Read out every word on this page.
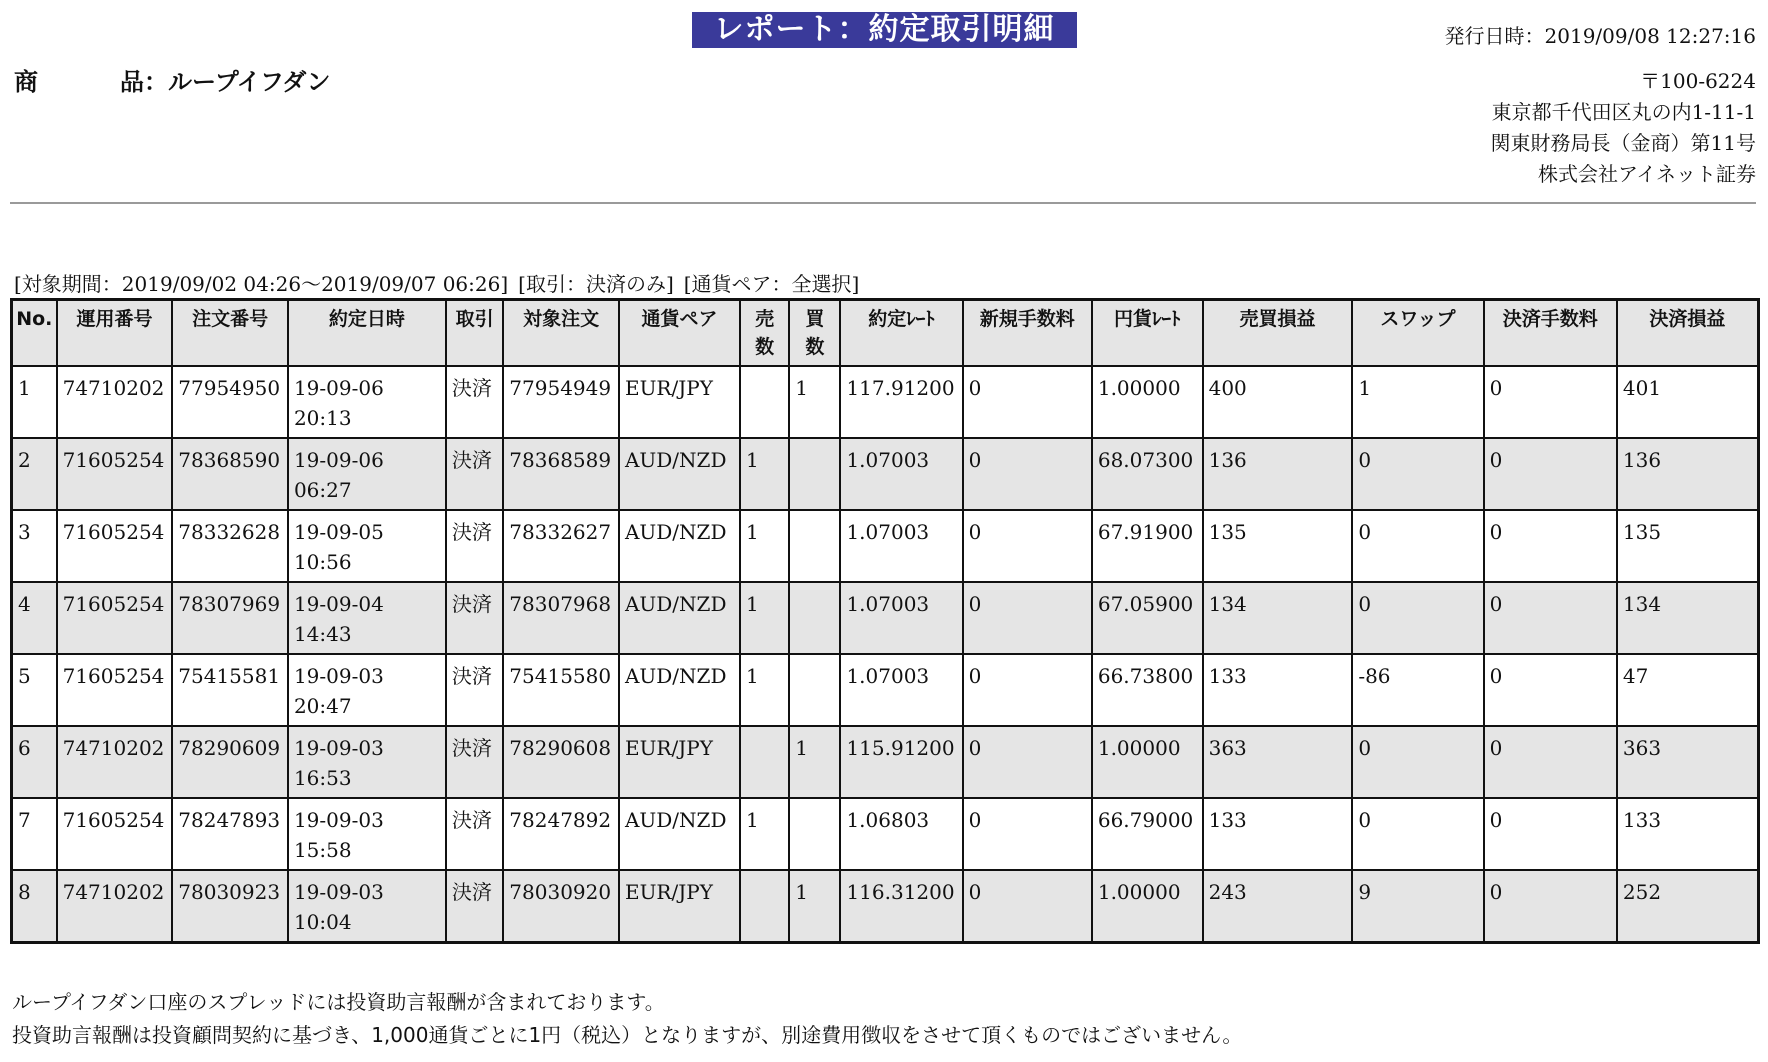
レポート：約定取引明細	発行日時：2019/09/08 12:27:16
商	品：ループイフダン	〒100-6224
東京都千代田区丸の内1-11-1
関東財務局長（金商）第11号
株式会社アイネット証券
[対象期間：2019/09/02 04:26〜2019/09/07 06:26] [取引：決済のみ] [通貨ペア：全選択]
No.	運用番号	注文番号	約定日時	取引	対象注文	通貨ペア	売
数	買
数	約定ﾚｰﾄ	新規手数料	円貨ﾚｰﾄ	売買損益	スワップ	決済手数料	決済損益
1	74710202	77954950	19-09-06
20:13	決済	77954949	EUR/JPY		1	117.91200	0	1.00000	400	1	0	401
2	71605254	78368590	19-09-06
06:27	決済	78368589	AUD/NZD	1		1.07003	0	68.07300	136	0	0	136
3	71605254	78332628	19-09-05
10:56	決済	78332627	AUD/NZD	1		1.07003	0	67.91900	135	0	0	135
4	71605254	78307969	19-09-04
14:43	決済	78307968	AUD/NZD	1		1.07003	0	67.05900	134	0	0	134
5	71605254	75415581	19-09-03
20:47	決済	75415580	AUD/NZD	1		1.07003	0	66.73800	133	-86	0	47
6	74710202	78290609	19-09-03
16:53	決済	78290608	EUR/JPY		1	115.91200	0	1.00000	363	0	0	363
7	71605254	78247893	19-09-03
15:58	決済	78247892	AUD/NZD	1		1.06803	0	66.79000	133	0	0	133
8	74710202	78030923	19-09-03
10:04	決済	78030920	EUR/JPY		1	116.31200	0	1.00000	243	9	0	252
ループイフダン口座のスプレッドには投資助言報酬が含まれております。
投資助言報酬は投資顧問契約に基づき、1,000通貨ごとに1円（税込）となりますが、別途費用徴収をさせて頂くものではございません。
